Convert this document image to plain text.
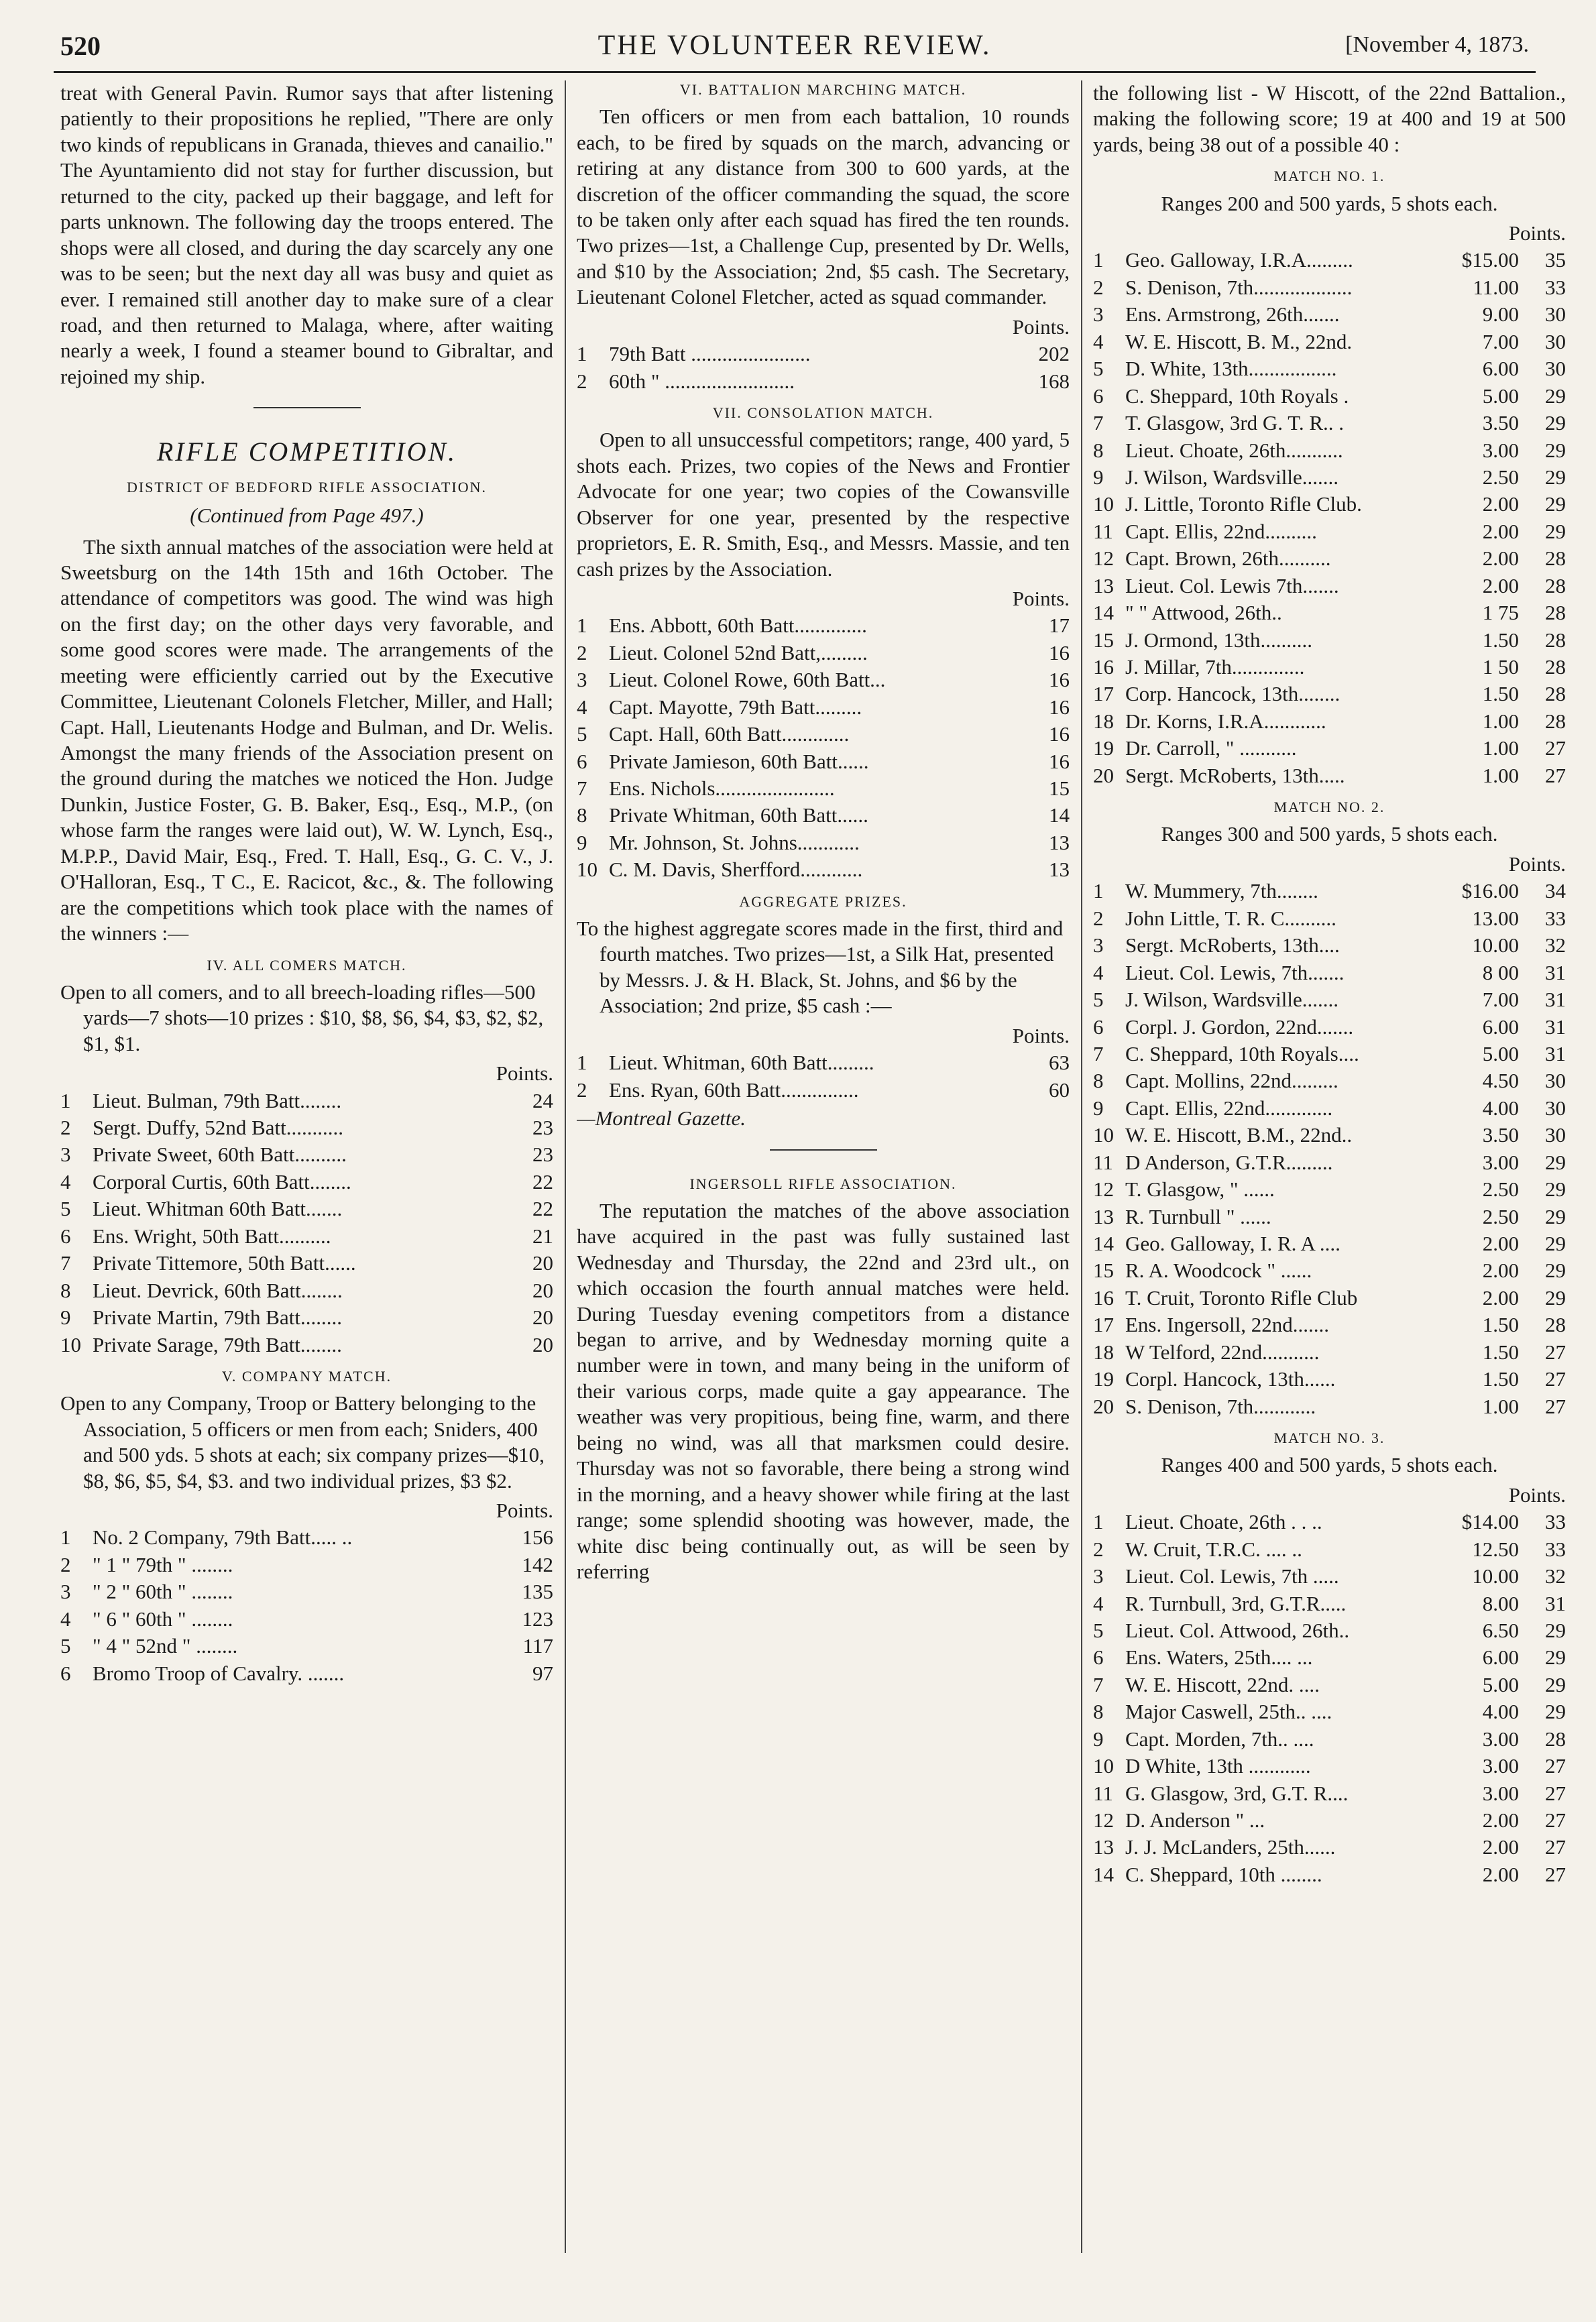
520	THE VOLUNTEER REVIEW.	[November 4, 1873.

treat with General Pavin. Rumor says that after listening patiently to their propositions he replied, "There are only two kinds of republicans in Granada, thieves and canailio." The Ayuntamiento did not stay for further discussion, but returned to the city, packed up their baggage, and left for parts unknown. The following day the troops entered. The shops were all closed, and during the day scarcely any one was to be seen; but the next day all was busy and quiet as ever. I remained still another day to make sure of a clear road, and then returned to Malaga, where, after waiting nearly a week, I found a steamer bound to Gibraltar, and rejoined my ship.

RIFLE COMPETITION.
DISTRICT OF BEDFORD RIFLE ASSOCIATION.
(Continued from Page 497.)

The sixth annual matches of the association were held at Sweetsburg on the 14th 15th and 16th October. The attendance of competitors was good. The wind was high on the first day; on the other days very favorable, and some good scores were made. The arrangements of the meeting were efficiently carried out by the Executive Committee, Lieutenant Colonels Fletcher, Miller, and Hall; Capt. Hall, Lieutenants Hodge and Bulman, and Dr. Welis. Amongst the many friends of the Association present on the ground during the matches we noticed the Hon. Judge Dunkin, Justice Foster, G. B. Baker, Esq., Esq., M.P., (on whose farm the ranges were laid out), W. W. Lynch, Esq., M.P.P., David Mair, Esq., Fred. T. Hall, Esq., G. C. V., J. O'Halloran, Esq., T C., E. Racicot, &c., &. The following are the competitions which took place with the names of the winners :—

IV. ALL COMERS MATCH.

Open to all comers, and to all breech-loading rifles—500 yards—7 shots—10 prizes : $10, $8, $6, $4, $3, $2, $2, $1, $1.

Points.
1	Lieut. Bulman, 79th Batt........	24
2	Sergt. Duffy, 52nd Batt...........	23
3	Private Sweet, 60th Batt..........	23
4	Corporal Curtis, 60th Batt........	22
5	Lieut. Whitman 60th Batt.......	22
6	Ens. Wright, 50th Batt..........	21
7	Private Tittemore, 50th Batt......	20
8	Lieut. Devrick, 60th Batt........	20
9	Private Martin, 79th Batt........	20
10 Private Sarage, 79th Batt........	20
V. COMPANY MATCH.

Open to any Company, Troop or Battery belonging to the Association, 5 officers or men from each; Sniders, 400 and 500 yds. 5 shots at each; six company prizes—$10, $8, $6, $5, $4, $3. and two individual prizes, $3 $2.

Points.
1	No. 2 Company, 79th Batt..... ..	156
2	" 1 " 79th " ........	142
3	" 2 " 60th " ........	135
4	" 6 " 60th " ........	123
5	" 4 " 52nd " ........	117
6	Bromo Troop of Cavalry. .......	97
VI. BATTALION MARCHING MATCH.

Ten officers or men from each battalion, 10 rounds each, to be fired by squads on the march, advancing or retiring at any distance from 300 to 600 yards, at the discretion of the officer commanding the squad, the score to be taken only after each squad has fired the ten rounds. Two prizes—1st, a Challenge Cup, presented by Dr. Wells, and $10 by the Association; 2nd, $5 cash. The Secretary, Lieutenant Colonel Fletcher, acted as squad commander.

Points.
1	79th Batt .......................	202
2	60th " .........................	168
VII. CONSOLATION MATCH.

Open to all unsuccessful competitors; range, 400 yard, 5 shots each. Prizes, two copies of the News and Frontier Advocate for one year; two copies of the Cowansville Observer for one year, presented by the respective proprietors, E. R. Smith, Esq., and Messrs. Massie, and ten cash prizes by the Association.

Points.
1	Ens. Abbott, 60th Batt..............	17
2	Lieut. Colonel 52nd Batt,.........	16
3	Lieut. Colonel Rowe, 60th Batt...	16
4	Capt. Mayotte, 79th Batt.........	16
5	Capt. Hall, 60th Batt.............	16
6	Private Jamieson, 60th Batt......	16
7	Ens. Nichols.......................	15
8	Private Whitman, 60th Batt......	14
9	Mr. Johnson, St. Johns............	13
10 C. M. Davis, Sherfford............	13
AGGREGATE PRIZES.

To the highest aggregate scores made in the first, third and fourth matches. Two prizes—1st, a Silk Hat, presented by Messrs. J. & H. Black, St. Johns, and $6 by the Association; 2nd prize, $5 cash :—

Points.
1	Lieut. Whitman, 60th Batt.........	63
2	Ens. Ryan, 60th Batt...............	60
—Montreal Gazette.
INGERSOLL RIFLE ASSOCIATION.

The reputation the matches of the above association have acquired in the past was fully sustained last Wednesday and Thursday, the 22nd and 23rd ult., on which occasion the fourth annual matches were held. During Tuesday evening competitors from a distance began to arrive, and by Wednesday morning quite a number were in town, and many being in the uniform of their various corps, made quite a gay appearance. The weather was very propitious, being fine, warm, and there being no wind, was all that marksmen could desire. Thursday was not so favorable, there being a strong wind in the morning, and a heavy shower while firing at the last range; some splendid shooting was however, made, the white disc being continually out, as will be seen by referring

the following list - W Hiscott, of the 22nd Battalion., making the following score; 19 at 400 and 19 at 500 yards, being 38 out of a possible 40 :

MATCH NO. 1.

Ranges 200 and 500 yards, 5 shots each.

Points.
1	Geo. Galloway, I.R.A.........	$15.00	35
2	S. Denison, 7th...................	11.00	33
3	Ens. Armstrong, 26th.......	9.00	30
4	W. E. Hiscott, B. M., 22nd.	7.00	30
5	D. White, 13th.................	6.00	30
6	C. Sheppard, 10th Royals .	5.00	29
7	T. Glasgow, 3rd G. T. R.. .	3.50	29
8	Lieut. Choate, 26th...........	3.00	29
9	J. Wilson, Wardsville.......	2.50	29
10 J. Little, Toronto Rifle Club.	2.00	29
11 Capt. Ellis, 22nd..........	2.00	29
12 Capt. Brown, 26th..........	2.00	28
13 Lieut. Col. Lewis 7th.......	2.00	28
14 " " Attwood, 26th..	1 75	28
15 J. Ormond, 13th..........	1.50	28
16 J. Millar, 7th..............	1 50	28
17 Corp. Hancock, 13th........	1.50	28
18 Dr. Korns, I.R.A............	1.00	28
19 Dr. Carroll, " ...........	1.00	27
20 Sergt. McRoberts, 13th.....	1.00	27
MATCH NO. 2.

Ranges 300 and 500 yards, 5 shots each.

Points.
1	W. Mummery, 7th........	$16.00	34
2	John Little, T. R. C..........	13.00	33
3	Sergt. McRoberts, 13th....	10.00	32
4	Lieut. Col. Lewis, 7th.......	8 00	31
5	J. Wilson, Wardsville.......	7.00	31
6	Corpl. J. Gordon, 22nd.......	6.00	31
7	C. Sheppard, 10th Royals....	5.00	31
8	Capt. Mollins, 22nd.........	4.50	30
9	Capt. Ellis, 22nd.............	4.00	30
10 W. E. Hiscott, B.M., 22nd..	3.50	30
11 D Anderson, G.T.R.........	3.00	29
12 T. Glasgow, " ......	2.50	29
13 R. Turnbull " ......	2.50	29
14 Geo. Galloway, I. R. A ....	2.00	29
15 R. A. Woodcock " ......	2.00	29
16 T. Cruit, Toronto Rifle Club	2.00	29
17 Ens. Ingersoll, 22nd.......	1.50	28
18 W Telford, 22nd...........	1.50	27
19 Corpl. Hancock, 13th......	1.50	27
20 S. Denison, 7th............	1.00	27
MATCH NO. 3.

Ranges 400 and 500 yards, 5 shots each.

Points.
1	Lieut. Choate, 26th . . ..	$14.00	33
2	W. Cruit, T.R.C. .... ..	12.50	33
3	Lieut. Col. Lewis, 7th .....	10.00	32
4	R. Turnbull, 3rd, G.T.R.....	8.00	31
5	Lieut. Col. Attwood, 26th..	6.50	29
6	Ens. Waters, 25th.... ...	6.00	29
7	W. E. Hiscott, 22nd. ....	5.00	29
8	Major Caswell, 25th.. ....	4.00	29
9	Capt. Morden, 7th.. ....	3.00	28
10 D White, 13th ............	3.00	27
11 G. Glasgow, 3rd, G.T. R....	3.00	27
12 D. Anderson " ...	2.00	27
13 J. J. McLanders, 25th......	2.00	27
14 C. Sheppard, 10th ........	2.00	27
